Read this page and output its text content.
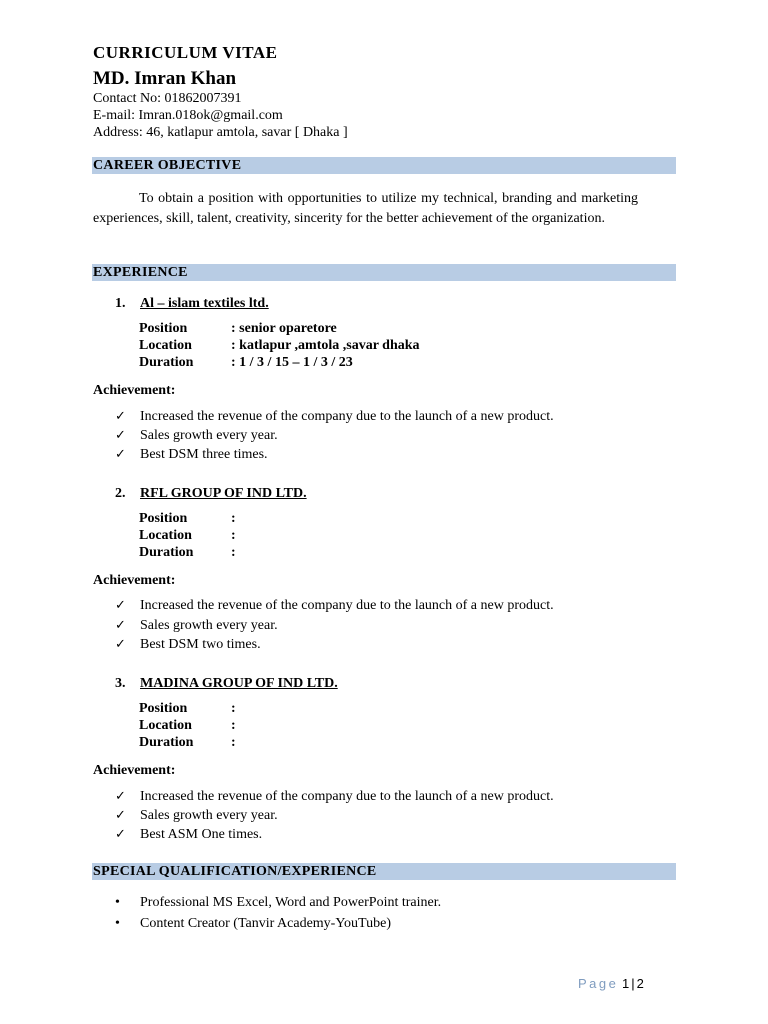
CURRICULUM VITAE
MD. Imran Khan
Contact No: 01862007391
E-mail: Imran.018ok@gmail.com
Address: 46, katlapur amtola, savar [ Dhaka ]
CAREER OBJECTIVE
To obtain a position with opportunities to utilize my technical, branding and marketing experiences, skill, talent, creativity, sincerity for the better achievement of the organization.
EXPERIENCE
1. Al – islam textiles ltd.
Position	: senior oparetore
Location	: katlapur ,amtola ,savar dhaka
Duration	: 1 / 3 / 15 – 1 / 3 / 23
Achievement:
✓ Increased the revenue of the company due to the launch of a new product.
✓ Sales growth every year.
✓ Best DSM three times.
2. RFL GROUP OF IND LTD.
Position	:
Location	:
Duration	:
Achievement:
✓ Increased the revenue of the company due to the launch of a new product.
✓ Sales growth every year.
✓ Best DSM two times.
3. MADINA GROUP OF IND LTD.
Position	:
Location	:
Duration	:
Achievement:
✓ Increased the revenue of the company due to the launch of a new product.
✓ Sales growth every year.
✓ Best ASM One times.
SPECIAL QUALIFICATION/EXPERIENCE
• Professional MS Excel, Word and PowerPoint trainer.
• Content Creator (Tanvir Academy-YouTube)
Page 1 | 2
